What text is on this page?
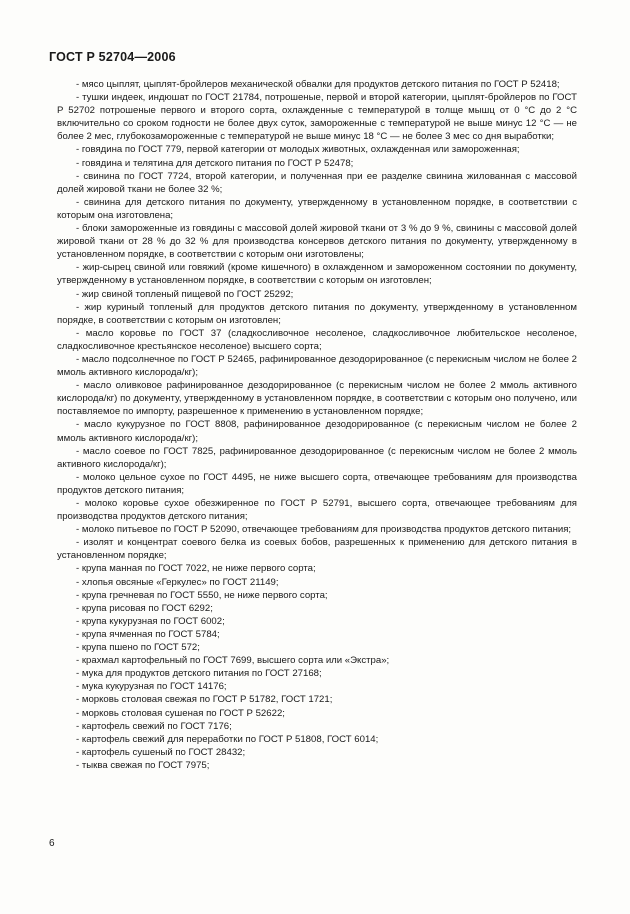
ГОСТ Р 52704—2006

- мясо цыплят, цыплят-бройлеров механической обвалки для продуктов детского питания по ГОСТ Р 52418;

- тушки индеек, индюшат по ГОСТ 21784, потрошеные, первой и второй категории, цыплят-бройлеров по ГОСТ Р 52702 потрошеные первого и второго сорта, охлажденные с температурой в толще мышц от 0 °С до 2 °С включительно со сроком годности не более двух суток, замороженные с температурой не выше минус 12 °С — не более 2 мес, глубокозамороженные с температурой не выше минус 18 °С — не более 3 мес со дня выработки;

- говядина по ГОСТ 779, первой категории от молодых животных, охлажденная или замороженная;

- говядина и телятина для детского питания по ГОСТ Р 52478;

- свинина по ГОСТ 7724, второй категории, и полученная при ее разделке свинина жилованная с массовой долей жировой ткани не более 32 %;

- свинина для детского питания по документу, утвержденному в установленном порядке, в соответствии с которым она изготовлена;

- блоки замороженные из говядины с массовой долей жировой ткани от 3 % до 9 %, свинины с массовой долей жировой ткани от 28 % до 32 % для производства консервов детского питания по документу, утвержденному в установленном порядке, в соответствии с которым они изготовлены;

- жир-сырец свиной или говяжий (кроме кишечного) в охлажденном и замороженном состоянии по документу, утвержденному в установленном порядке, в соответствии с которым он изготовлен;

- жир свиной топленый пищевой по ГОСТ 25292;

- жир куриный топленый для продуктов детского питания по документу, утвержденному в установленном порядке, в соответствии с которым он изготовлен;

- масло коровье по ГОСТ 37 (сладкосливочное несоленое, сладкосливочное любительское несоленое, сладкосливочное крестьянское несоленое) высшего сорта;

- масло подсолнечное по ГОСТ Р 52465, рафинированное дезодорированное (с перекисным числом не более 2 ммоль активного кислорода/кг);

- масло оливковое рафинированное дезодорированное (с перекисным числом не более 2 ммоль активного кислорода/кг) по документу, утвержденному в установленном порядке, в соответствии с которым оно получено, или поставляемое по импорту, разрешенное к применению в установленном порядке;

- масло кукурузное по ГОСТ 8808, рафинированное дезодорированное (с перекисным числом не более 2 ммоль активного кислорода/кг);

- масло соевое по ГОСТ 7825, рафинированное дезодорированное (с перекисным числом не более 2 ммоль активного кислорода/кг);

- молоко цельное сухое по ГОСТ 4495, не ниже высшего сорта, отвечающее требованиям для производства продуктов детского питания;

- молоко коровье сухое обезжиренное по ГОСТ Р 52791, высшего сорта, отвечающее требованиям для производства продуктов детского питания;

- молоко питьевое по ГОСТ Р 52090, отвечающее требованиям для производства продуктов детского питания;

- изолят и концентрат соевого белка из соевых бобов, разрешенных к применению для детского питания в установленном порядке;

- крупа манная по ГОСТ 7022, не ниже первого сорта;

- хлопья овсяные «Геркулес» по ГОСТ 21149;

- крупа гречневая по ГОСТ 5550, не ниже первого сорта;

- крупа рисовая по ГОСТ 6292;

- крупа кукурузная по ГОСТ 6002;

- крупа ячменная по ГОСТ 5784;

- крупа пшено по ГОСТ 572;

- крахмал картофельный по ГОСТ 7699, высшего сорта или «Экстра»;

- мука для продуктов детского питания по ГОСТ 27168;

- мука кукурузная по ГОСТ 14176;

- морковь столовая свежая по ГОСТ Р 51782, ГОСТ 1721;

- морковь столовая сушеная по ГОСТ Р 52622;

- картофель свежий по ГОСТ 7176;

- картофель свежий для переработки по ГОСТ Р 51808, ГОСТ 6014;

- картофель сушеный по ГОСТ 28432;

- тыква свежая по ГОСТ 7975;

6
